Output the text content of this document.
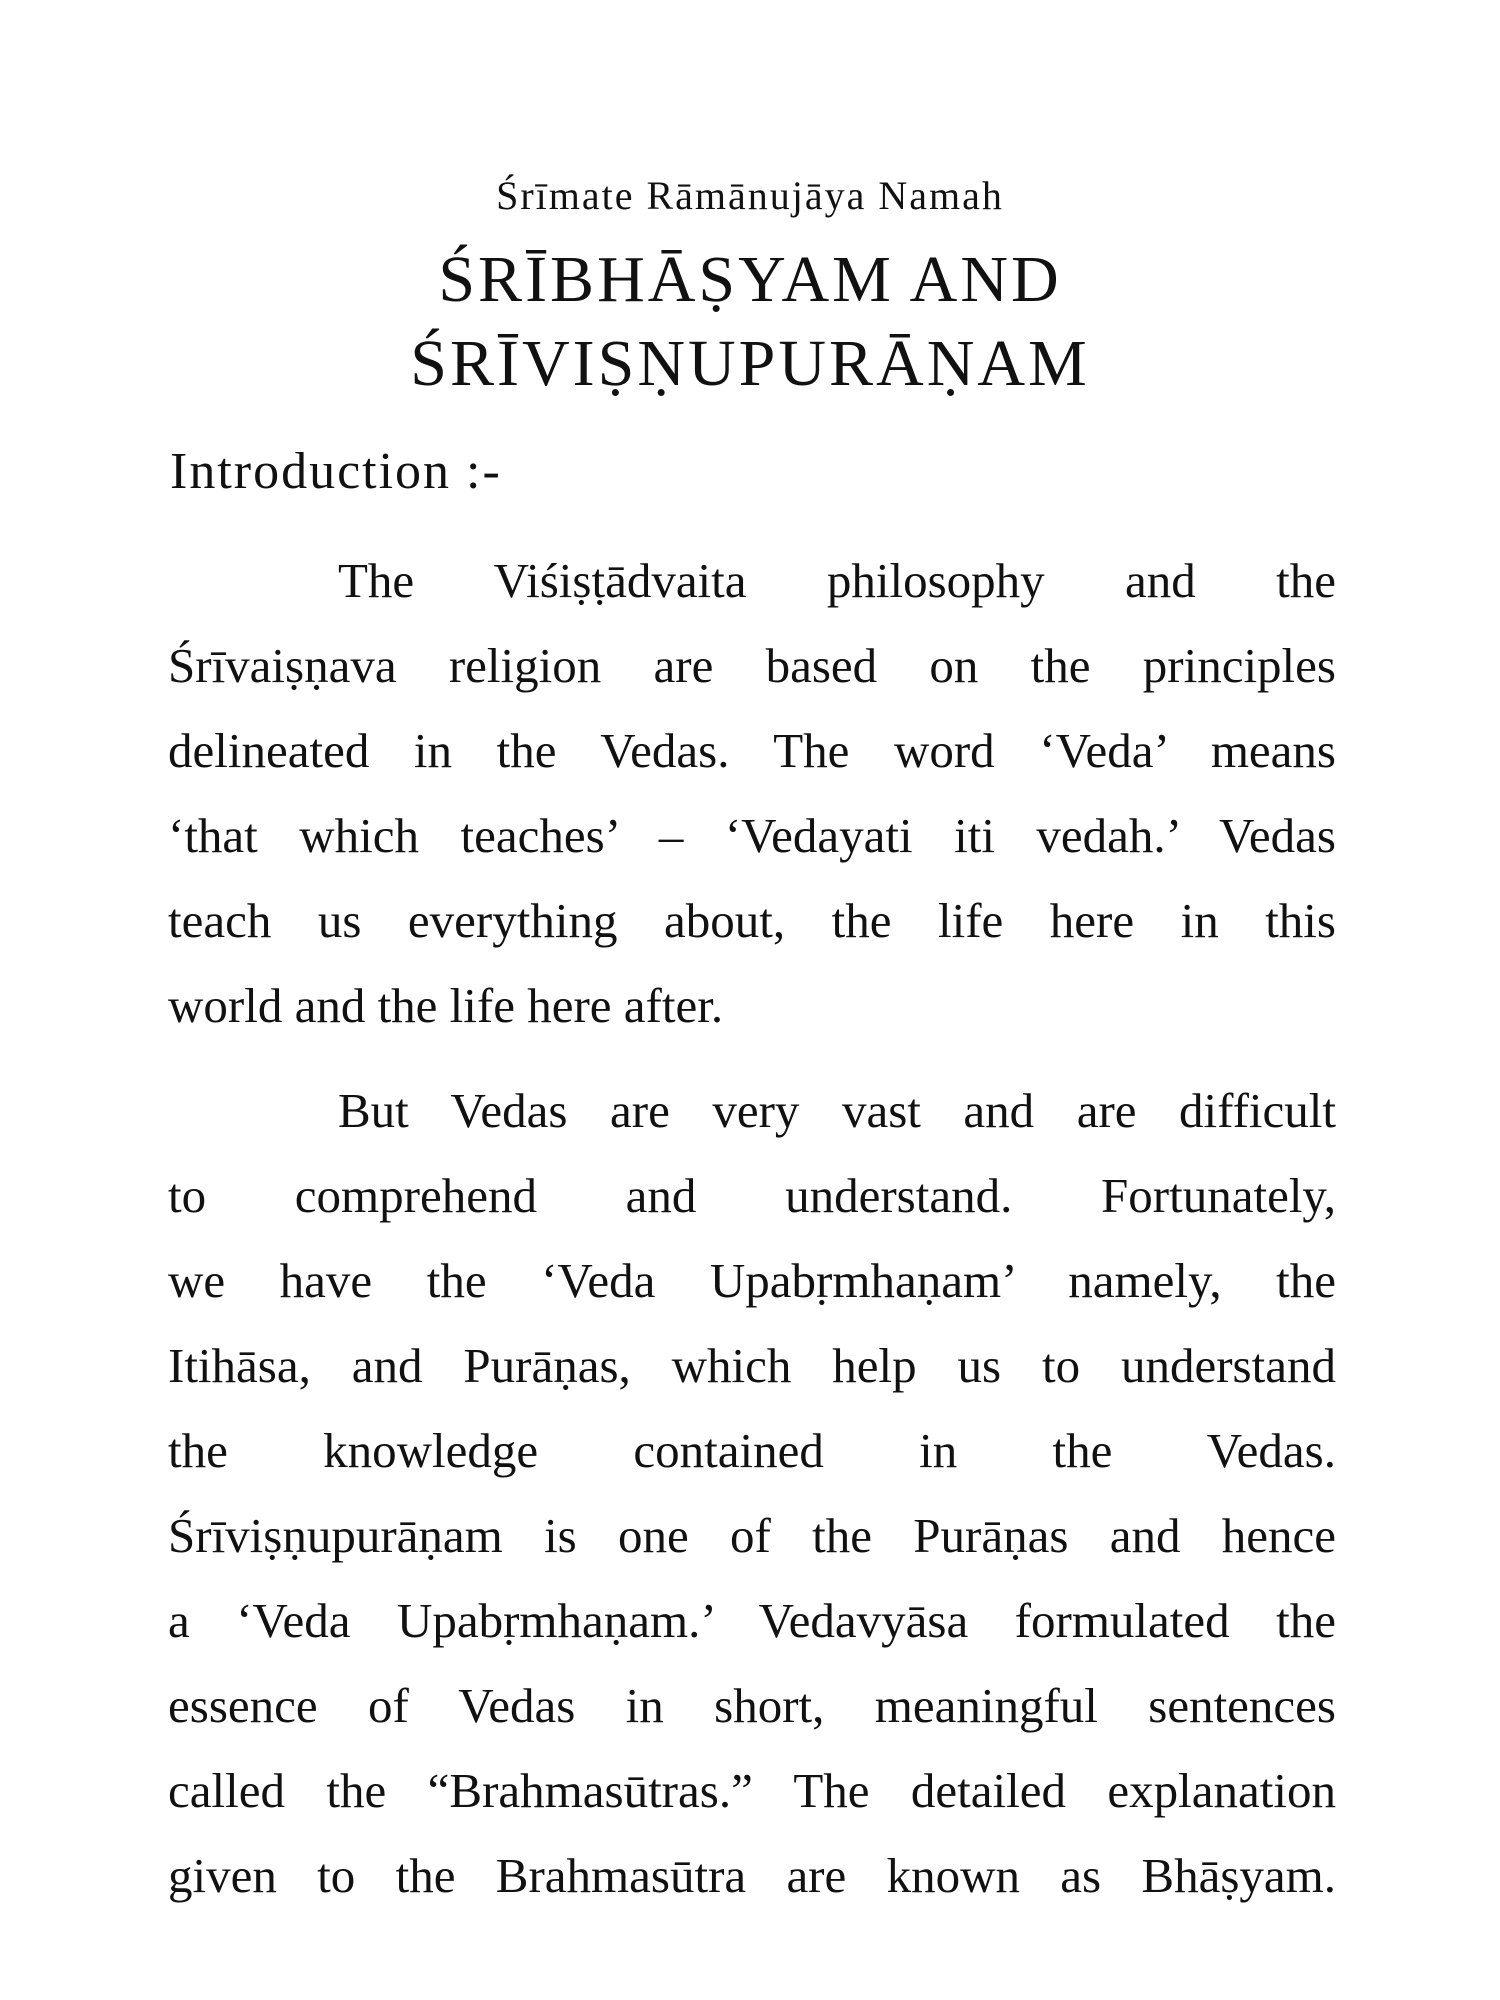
Śrīmate Rāmānujāya Namah
ŚRĪBHĀṢYAM AND
ŚRĪVIṢṆUPURĀṆAM
Introduction :-
The Viśiṣṭādvaita philosophy and the
Śrīvaiṣṇava religion are based on the principles
delineated in the Vedas. The word ‘Veda’ means
‘that which teaches’ – ‘Vedayati iti vedah.’ Vedas
teach us everything about, the life here in this
world and the life here after.
But Vedas are very vast and are difficult
to comprehend and understand. Fortunately,
we have the ‘Veda Upabṛmhaṇam’ namely, the
Itihāsa, and Purāṇas, which help us to understand
the knowledge contained in the Vedas.
Śrīviṣṇupurāṇam is one of the Purāṇas and hence
a ‘Veda Upabṛmhaṇam.’ Vedavyāsa formulated the
essence of Vedas in short, meaningful sentences
called the “Brahmasūtras.” The detailed explanation
given to the Brahmasūtra are known as Bhāṣyam.
